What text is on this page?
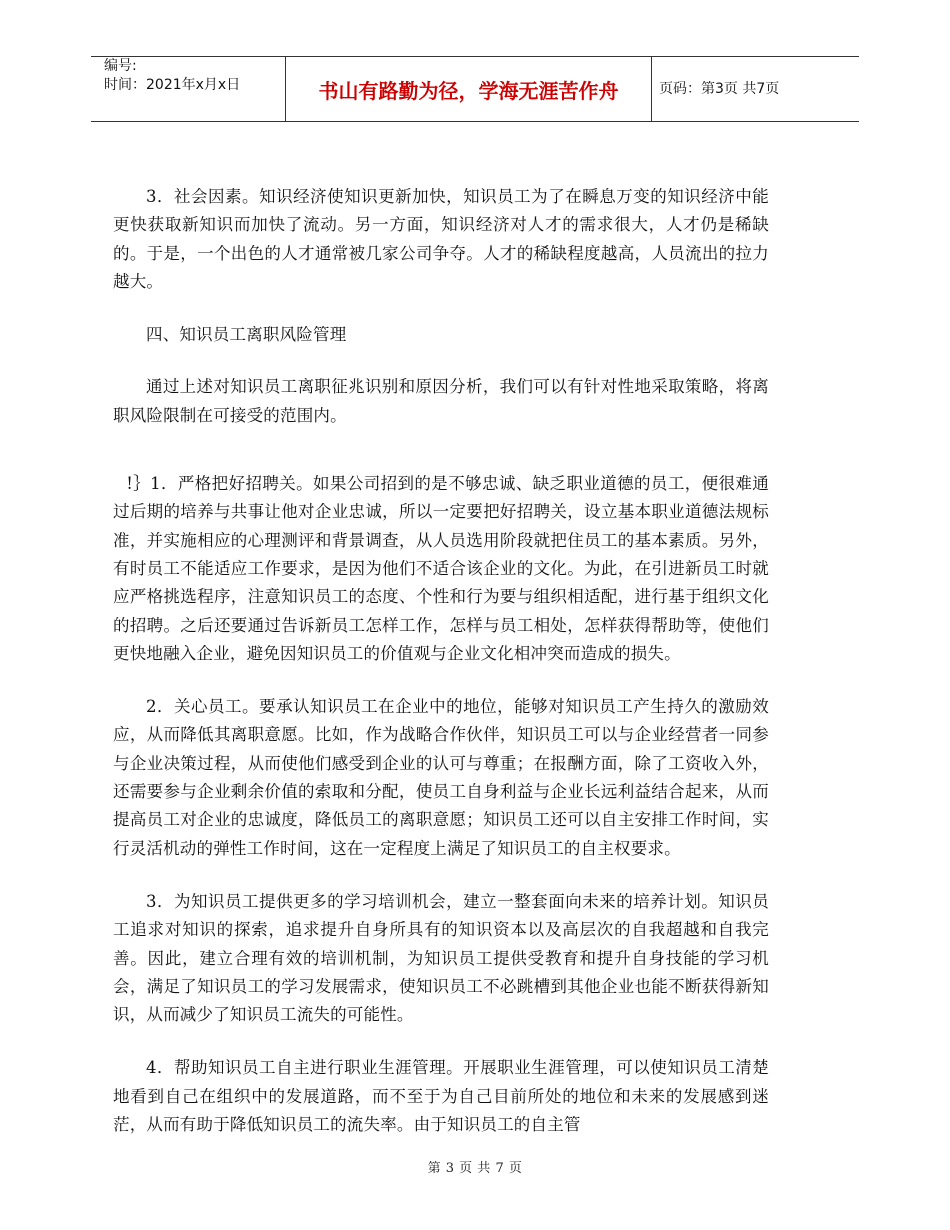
编号:
时间：2021年x月x日	书山有路勤为径，学海无涯苦作舟	页码：第3页 共7页

3．社会因素。知识经济使知识更新加快，知识员工为了在瞬息万变的知识经济中能更快获取新知识而加快了流动。另一方面，知识经济对人才的需求很大，人才仍是稀缺的。于是，一个出色的人才通常被几家公司争夺。人才的稀缺程度越高，人员流出的拉力越大。

四、知识员工离职风险管理

通过上述对知识员工离职征兆识别和原因分析，我们可以有针对性地采取策略，将离职风险限制在可接受的范围内。

!｝1．严格把好招聘关。如果公司招到的是不够忠诚、缺乏职业道德的员工，便很难通过后期的培养与共事让他对企业忠诚，所以一定要把好招聘关，设立基本职业道德法规标准，并实施相应的心理测评和背景调查，从人员选用阶段就把住员工的基本素质。另外，有时员工不能适应工作要求，是因为他们不适合该企业的文化。为此，在引进新员工时就应严格挑选程序，注意知识员工的态度、个性和行为要与组织相适配，进行基于组织文化的招聘。之后还要通过告诉新员工怎样工作，怎样与员工相处，怎样获得帮助等，使他们更快地融入企业，避免因知识员工的价值观与企业文化相冲突而造成的损失。

2．关心员工。要承认知识员工在企业中的地位，能够对知识员工产生持久的激励效应，从而降低其离职意愿。比如，作为战略合作伙伴，知识员工可以与企业经营者一同参与企业决策过程，从而使他们感受到企业的认可与尊重；在报酬方面，除了工资收入外，还需要参与企业剩余价值的索取和分配，使员工自身利益与企业长远利益结合起来，从而提高员工对企业的忠诚度，降低员工的离职意愿；知识员工还可以自主安排工作时间，实行灵活机动的弹性工作时间，这在一定程度上满足了知识员工的自主权要求。

3．为知识员工提供更多的学习培训机会，建立一整套面向未来的培养计划。知识员工追求对知识的探索，追求提升自身所具有的知识资本以及高层次的自我超越和自我完善。因此，建立合理有效的培训机制，为知识员工提供受教育和提升自身技能的学习机会，满足了知识员工的学习发展需求，使知识员工不必跳槽到其他企业也能不断获得新知识，从而减少了知识员工流失的可能性。

4．帮助知识员工自主进行职业生涯管理。开展职业生涯管理，可以使知识员工清楚地看到自己在组织中的发展道路，而不至于为自己目前所处的地位和未来的发展感到迷茫，从而有助于降低知识员工的流失率。由于知识员工的自主管

第 3 页 共 7 页
